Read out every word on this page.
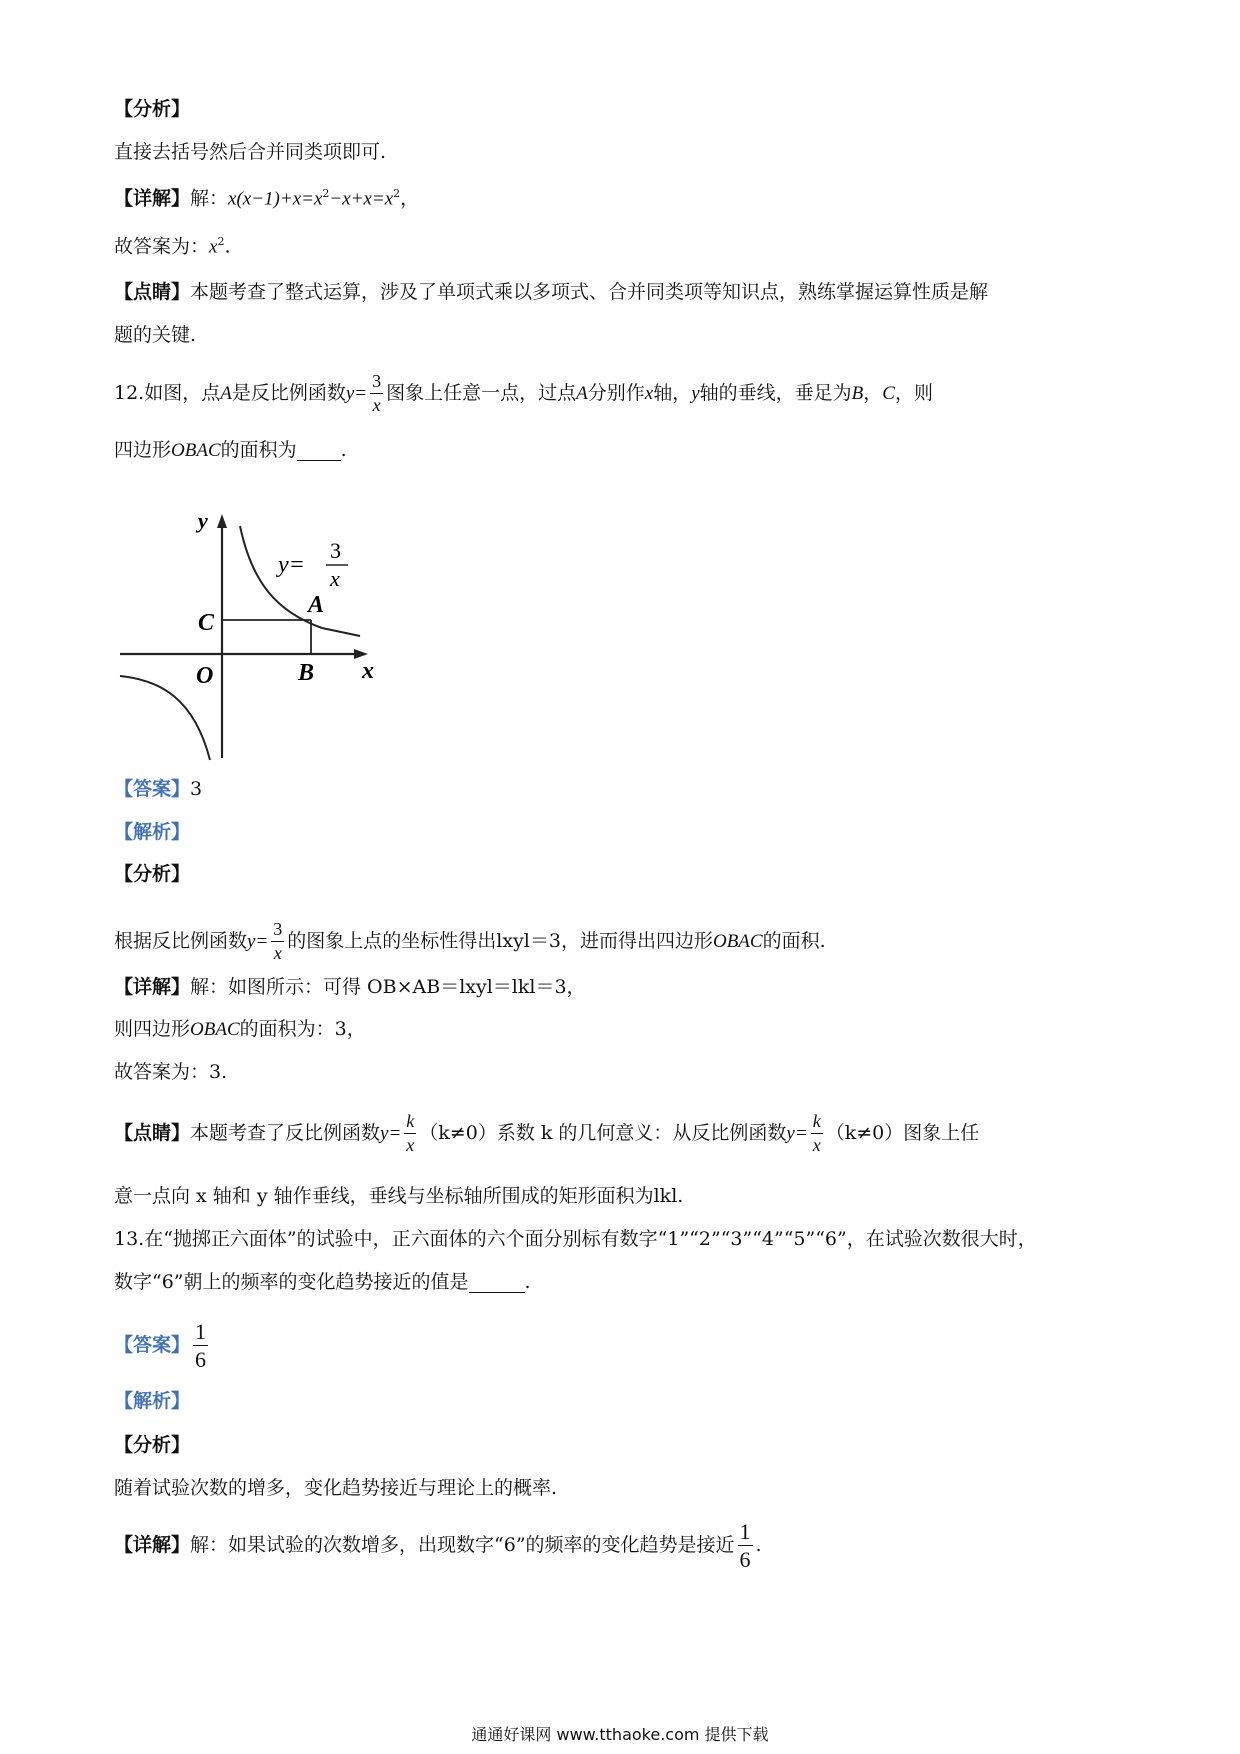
【分析】
直接去括号然后合并同类项即可.
【详解】解：$x(x-1)+x=x^2-x+x=x^2$，
故答案为：$x^2$.
【点睛】本题考查了整式运算，涉及了单项式乘以多项式、合并同类项等知识点，熟练掌握运算性质是解
题的关键.
12.如图，点A是反比例函数$y= \frac{3}{x}$ 图象上任意一点，过点A分别作x轴，y轴的垂线，垂足为B，C，则
四边形OBAC的面积为 .
y
x
O	B
C
A
y=
3
x
【答案】3
【解析】
【分析】
根据反比例函数$y= \frac{3}{x}$ 的图象上点的坐标性得出lxyl＝3，进而得出四边形OBAC的面积.
【详解】解：如图所示：可得 OB×AB＝lxyl＝lkl＝3，
则四边形OBAC的面积为：3，
故答案为：3.
【点睛】本题考查了反比例函数$y= \frac{k}{x} (k\ne 0)$系数 k 的几何意义：从反比例函数$y= \frac{k}{x} (k\ne 0)$图象上任
意一点向 x 轴和 y 轴作垂线，垂线与坐标轴所围成的矩形面积为lkl.
13.在“抛掷正六面体”的试验中，正六面体的六个面分别标有数字“1”“2”“3”“4”“5”“6”，在试验次数很大时，
数字“6”朝上的频率的变化趋势接近的值是	.
【答案】 $\frac{1}{6}$
【解析】
【分析】
随着试验次数的增多，变化趋势接近与理论上的概率.
【详解】解：如果试验的次数增多，出现数字“6”的频率的变化趋势是接近 $\frac{1}{6}$ .
通通好课网 www.tthaoke.com 提供下载
